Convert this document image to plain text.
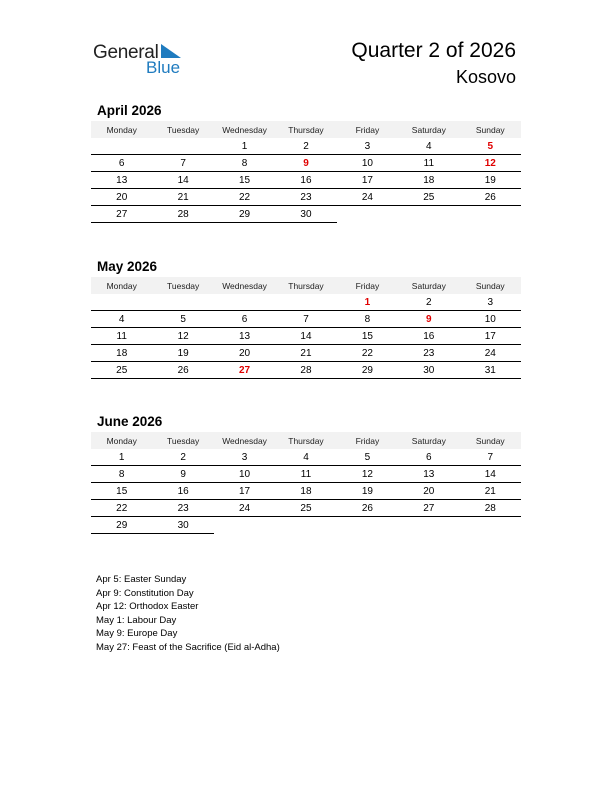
General
Blue
Quarter 2 of 2026
Kosovo
April 2026
Monday	Tuesday	Wednesday	Thursday	Friday	Saturday	Sunday
		1	2	3	4	5
6	7	8	9	10	11	12
13	14	15	16	17	18	19
20	21	22	23	24	25	26
27	28	29	30			
May 2026
Monday	Tuesday	Wednesday	Thursday	Friday	Saturday	Sunday
				1	2	3
4	5	6	7	8	9	10
11	12	13	14	15	16	17
18	19	20	21	22	23	24
25	26	27	28	29	30	31
June 2026
Monday	Tuesday	Wednesday	Thursday	Friday	Saturday	Sunday
1	2	3	4	5	6	7
8	9	10	11	12	13	14
15	16	17	18	19	20	21
22	23	24	25	26	27	28
29	30					
Apr 5: Easter Sunday
Apr 9: Constitution Day
Apr 12: Orthodox Easter
May 1: Labour Day
May 9: Europe Day
May 27: Feast of the Sacrifice (Eid al-Adha)
